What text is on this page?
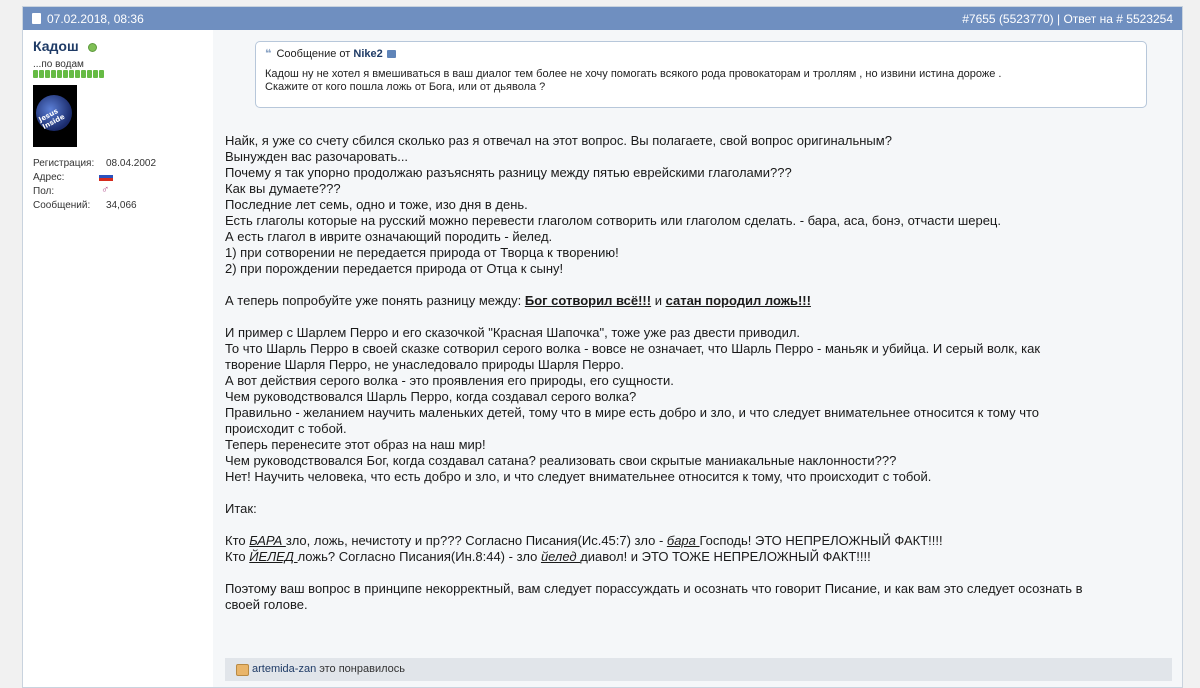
07.02.2018, 08:36	#7655 (5523770) | Ответ на # 5523254
Кадош
...по водам
Jesus Inside
Регистрация: 08.04.2002
Адрес:
Пол:	♂
Сообщений: 34,066
❝ Сообщение от Nike2
Кадош ну не хотел я вмешиваться в ваш диалог тем более не хочу помогать всякого рода провокаторам и троллям , но извини истина дороже .
Скажите от кого пошла ложь от Бога, или от дьявола ?
Найк, я уже со счету сбился сколько раз я отвечал на этот вопрос. Вы полагаете, свой вопрос оригинальным?
Вынужден вас разочаровать...
Почему я так упорно продолжаю разъяснять разницу между пятью еврейскими глаголами???
Как вы думаете???
Последние лет семь, одно и тоже, изо дня в день.
Есть глаголы которые на русский можно перевести глаголом сотворить или глаголом сделать. - бара, аса, бонэ, отчасти шерец.
А есть глагол в иврите означающий породить - йелед.
1) при сотворении не передается природа от Творца к творению!
2) при порождении передается природа от Отца к сыну!
А теперь попробуйте уже понять разницу между: Бог сотворил всё!!! и сатан породил ложь!!!
И пример с Шарлем Перро и его сказочкой "Красная Шапочка", тоже уже раз двести приводил.
То что Шарль Перро в своей сказке сотворил серого волка - вовсе не означает, что Шарль Перро - маньяк и убийца. И серый волк, как
творение Шарля Перро, не унаследовало природы Шарля Перро.
А вот действия серого волка - это проявления его природы, его сущности.
Чем руководствовался Шарль Перро, когда создавал серого волка?
Правильно - желанием научить маленьких детей, тому что в мире есть добро и зло, и что следует внимательнее относится к тому что
происходит с тобой.
Теперь перенесите этот образ на наш мир!
Чем руководствовался Бог, когда создавал сатана? реализовать свои скрытые маниакальные наклонности???
Нет! Научить человека, что есть добро и зло, и что следует внимательнее относится к тому, что происходит с тобой.
Итак:
Кто БАРА зло, ложь, нечистоту и пр??? Согласно Писания(Ис.45:7) зло - бара Господь! ЭТО НЕПРЕЛОЖНЫЙ ФАКТ!!!!
Кто ЙЕЛЕД ложь? Согласно Писания(Ин.8:44) - зло йелед диавол! и ЭТО ТОЖЕ НЕПРЕЛОЖНЫЙ ФАКТ!!!!
Поэтому ваш вопрос в принципе некорректный, вам следует порассуждать и осознать что говорит Писание, и как вам это следует осознать в
своей голове.
artemida-zan это понравилось
